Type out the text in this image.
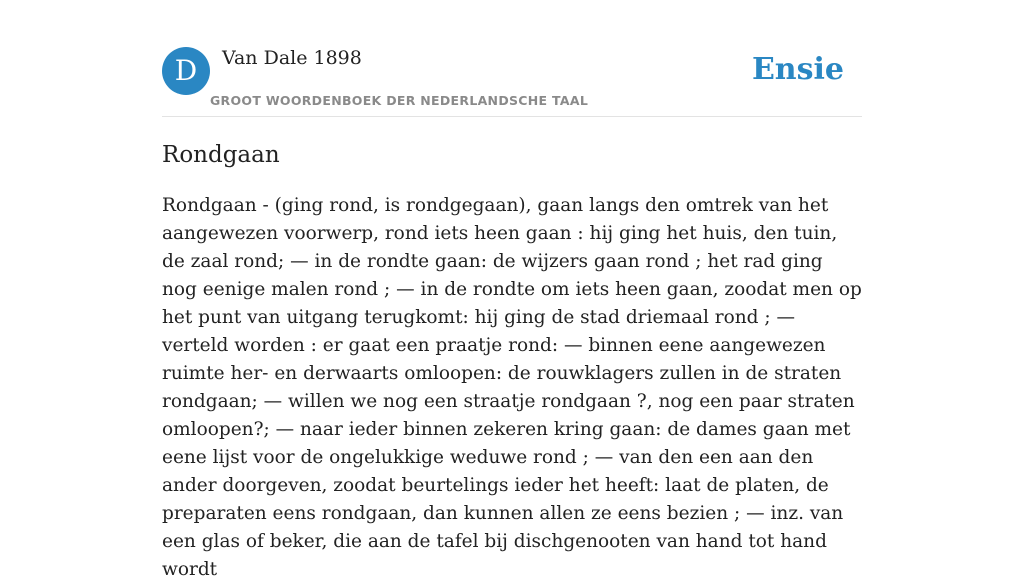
D	Van Dale 1898
GROOT WOORDENBOEK DER NEDERLANDSCHE TAAL
Ensie
Rondgaan

Rondgaan - (ging rond, is rondgegaan), gaan langs den omtrek van het aangewezen voorwerp, rond iets heen gaan : hij ging het huis, den tuin, de zaal rond; — in de rondte gaan: de wijzers gaan rond ; het rad ging nog eenige malen rond ; — in de rondte om iets heen gaan, zoodat men op het punt van uitgang terugkomt: hij ging de stad driemaal rond ; — verteld worden : er gaat een praatje rond: — binnen eene aangewezen ruimte her- en derwaarts omloopen: de rouwklagers zullen in de straten rondgaan; — willen we nog een straatje rondgaan ?, nog een paar straten omloopen?; — naar ieder binnen zekeren kring gaan: de dames gaan met eene lijst voor de ongelukkige weduwe rond ; — van den een aan den ander doorgeven, zoodat beurtelings ieder het heeft: laat de platen, de preparaten eens rondgaan, dan kunnen allen ze eens bezien ; — inz. van een glas of beker, die aan de tafel bij dischgenooten van hand tot hand wordt
